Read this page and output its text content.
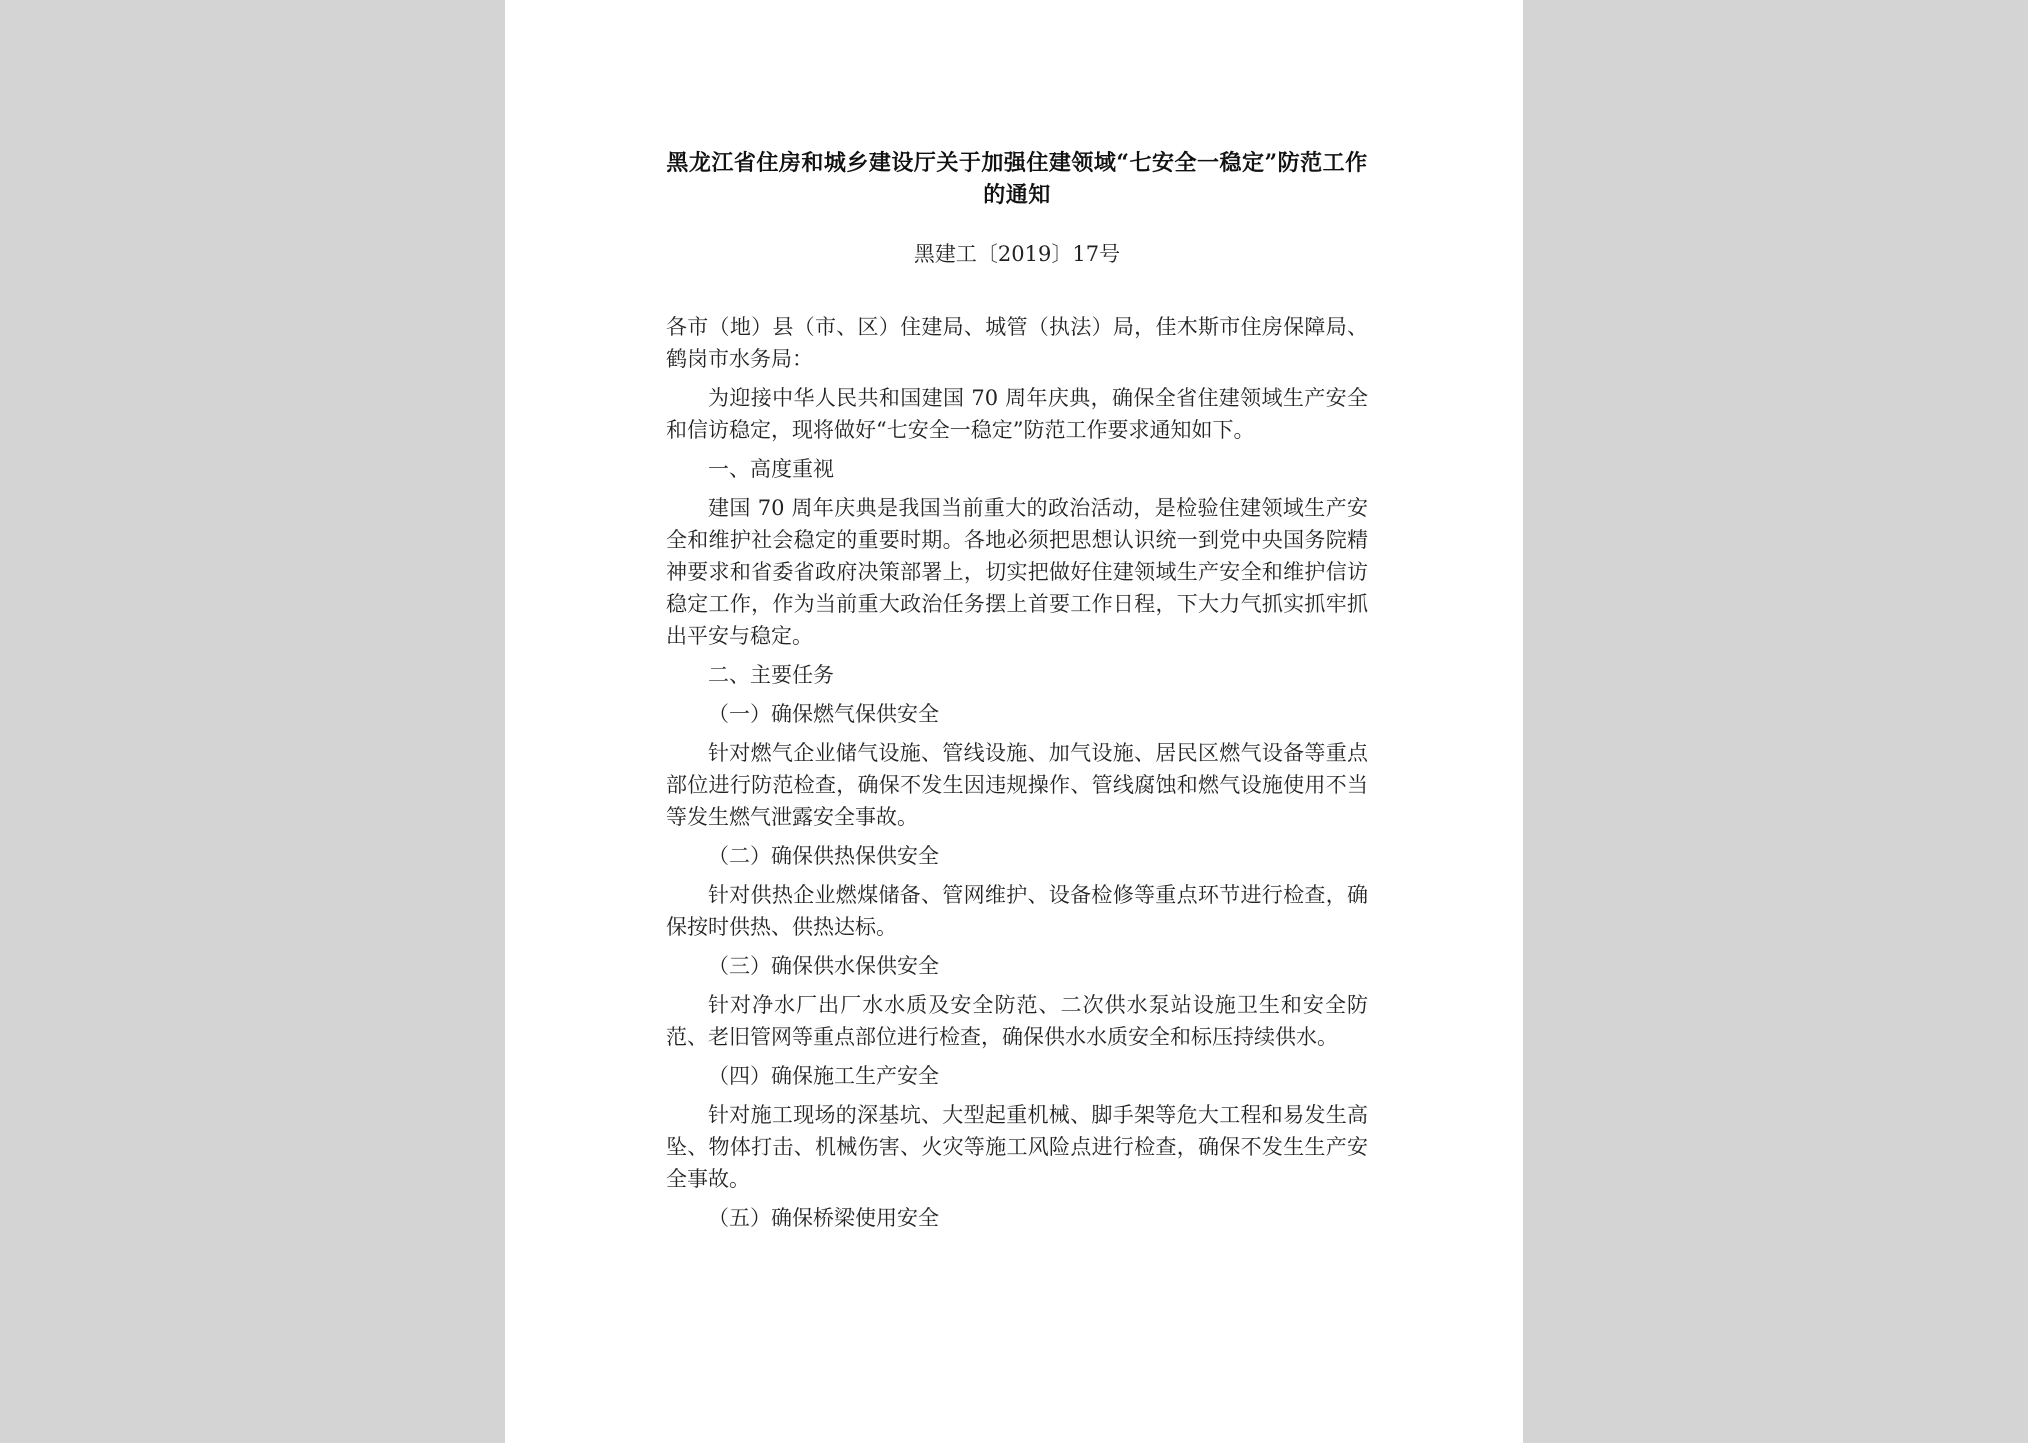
黑龙江省住房和城乡建设厅关于加强住建领域“七安全一稳定”防范工作的通知
黑建工〔2019〕17号

各市（地）县（市、区）住建局、城管（执法）局，佳木斯市住房保障局、鹤岗市水务局：

为迎接中华人民共和国建国 70 周年庆典，确保全省住建领域生产安全和信访稳定，现将做好“七安全一稳定”防范工作要求通知如下。

一、高度重视

建国 70 周年庆典是我国当前重大的政治活动，是检验住建领域生产安全和维护社会稳定的重要时期。各地必须把思想认识统一到党中央国务院精神要求和省委省政府决策部署上，切实把做好住建领域生产安全和维护信访稳定工作，作为当前重大政治任务摆上首要工作日程，下大力气抓实抓牢抓出平安与稳定。

二、主要任务

（一）确保燃气保供安全

针对燃气企业储气设施、管线设施、加气设施、居民区燃气设备等重点部位进行防范检查，确保不发生因违规操作、管线腐蚀和燃气设施使用不当等发生燃气泄露安全事故。

（二）确保供热保供安全

针对供热企业燃煤储备、管网维护、设备检修等重点环节进行检查，确保按时供热、供热达标。

（三）确保供水保供安全

针对净水厂出厂水水质及安全防范、二次供水泵站设施卫生和安全防范、老旧管网等重点部位进行检查，确保供水水质安全和标压持续供水。

（四）确保施工生产安全

针对施工现场的深基坑、大型起重机械、脚手架等危大工程和易发生高坠、物体打击、机械伤害、火灾等施工风险点进行检查，确保不发生生产安全事故。

（五）确保桥梁使用安全
